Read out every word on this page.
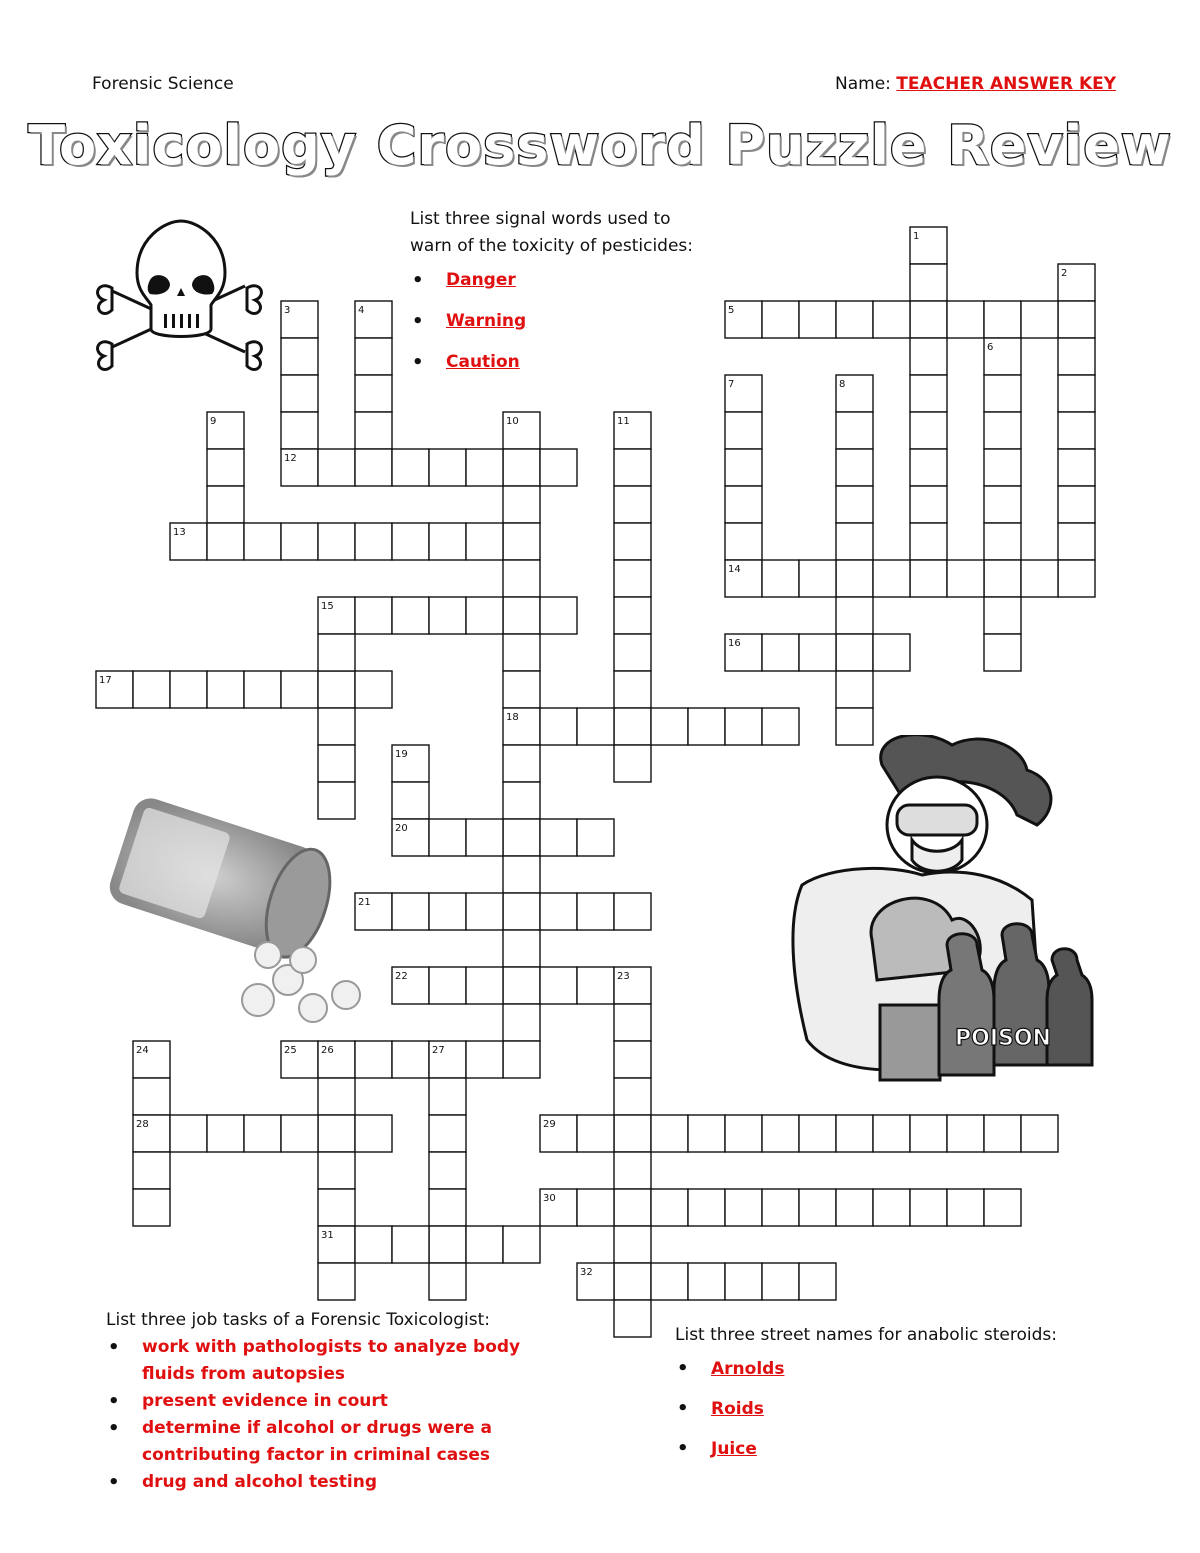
Forensic Science	Name: TEACHER ANSWER KEY
Toxicology Crossword Puzzle Review
POISON
List three signal words used to
warn of the toxicity of pesticides:
• Danger
• Warning
• Caution
List three job tasks of a Forensic Toxicologist:
• work with pathologists to analyze body fluids from autopsies
• present evidence in court
• determine if alcohol or drugs were a contributing factor in criminal cases
• drug and alcohol testing
List three street names for anabolic steroids:
• Arnolds
• Roids
• Juice
1
2
3	4	5
6
7	8
9	10	11
12
13
14
15
16
17
18
19
20
21
22	23
24	25 26	27
28	29
30
31
32
